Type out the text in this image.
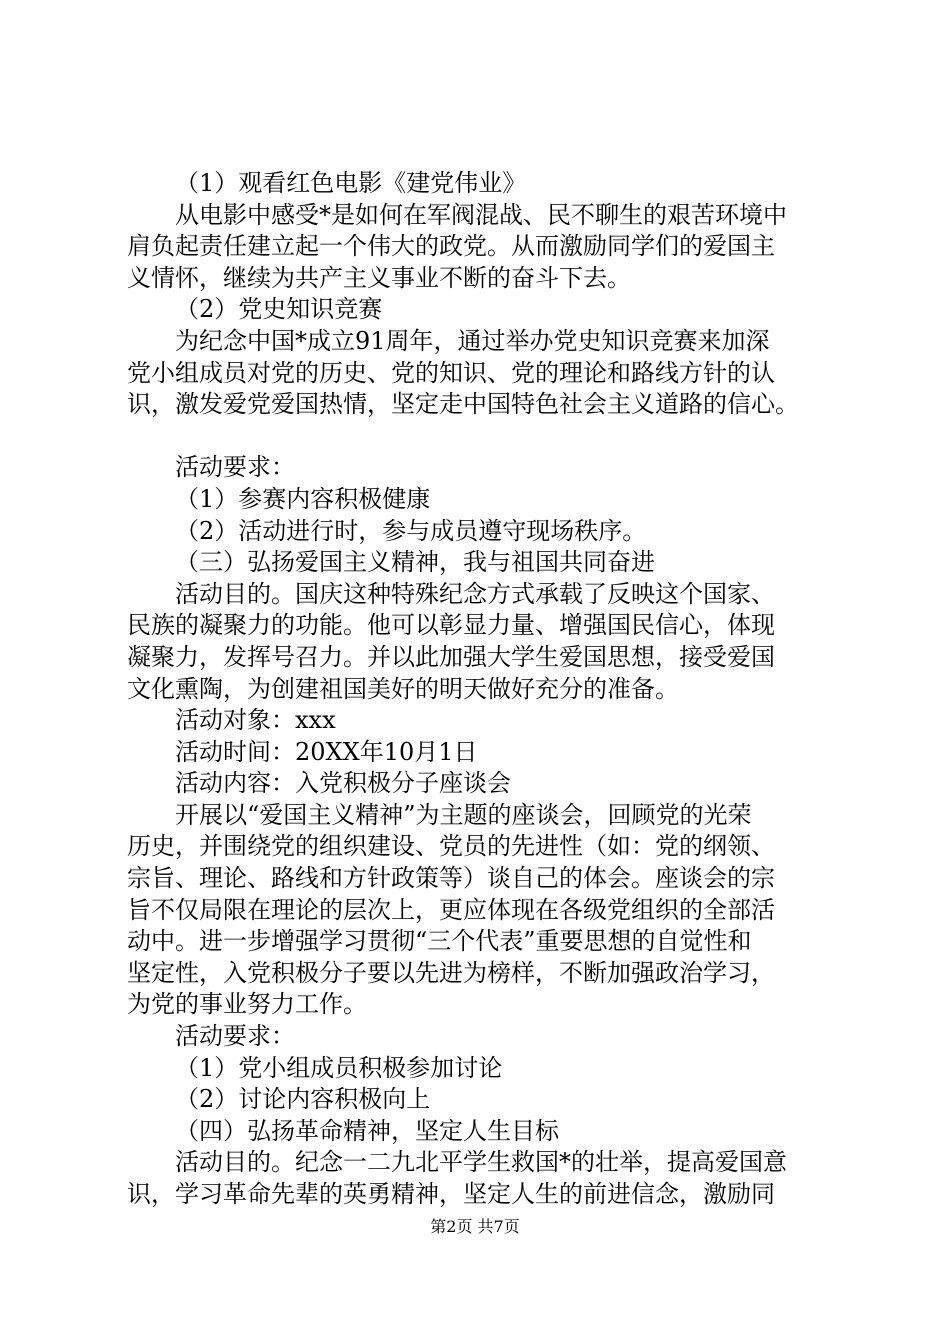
（1）观看红色电影《建党伟业》
从电影中感受*是如何在军阀混战、民不聊生的艰苦环境中
肩负起责任建立起一个伟大的政党。从而激励同学们的爱国主
义情怀，继续为共产主义事业不断的奋斗下去。
（2）党史知识竞赛
为纪念中国*成立91周年，通过举办党史知识竞赛来加深
党小组成员对党的历史、党的知识、党的理论和路线方针的认
识，激发爱党爱国热情，坚定走中国特色社会主义道路的信心。
活动要求：
（1）参赛内容积极健康
（2）活动进行时，参与成员遵守现场秩序。
（三）弘扬爱国主义精神，我与祖国共同奋进
活动目的。国庆这种特殊纪念方式承载了反映这个国家、
民族的凝聚力的功能。他可以彰显力量、增强国民信心，体现
凝聚力，发挥号召力。并以此加强大学生爱国思想，接受爱国
文化熏陶，为创建祖国美好的明天做好充分的准备。
活动对象：xxx
活动时间：20XX年10月1日
活动内容：入党积极分子座谈会
开展以“爱国主义精神”为主题的座谈会，回顾党的光荣
历史，并围绕党的组织建设、党员的先进性（如：党的纲领、
宗旨、理论、路线和方针政策等）谈自己的体会。座谈会的宗
旨不仅局限在理论的层次上，更应体现在各级党组织的全部活
动中。进一步增强学习贯彻“三个代表”重要思想的自觉性和
坚定性，入党积极分子要以先进为榜样，不断加强政治学习，
为党的事业努力工作。
活动要求：
（1）党小组成员积极参加讨论
（2）讨论内容积极向上
（四）弘扬革命精神，坚定人生目标
活动目的。纪念一二九北平学生救国*的壮举，提高爱国意
识，学习革命先辈的英勇精神，坚定人生的前进信念，激励同
第2页 共7页
